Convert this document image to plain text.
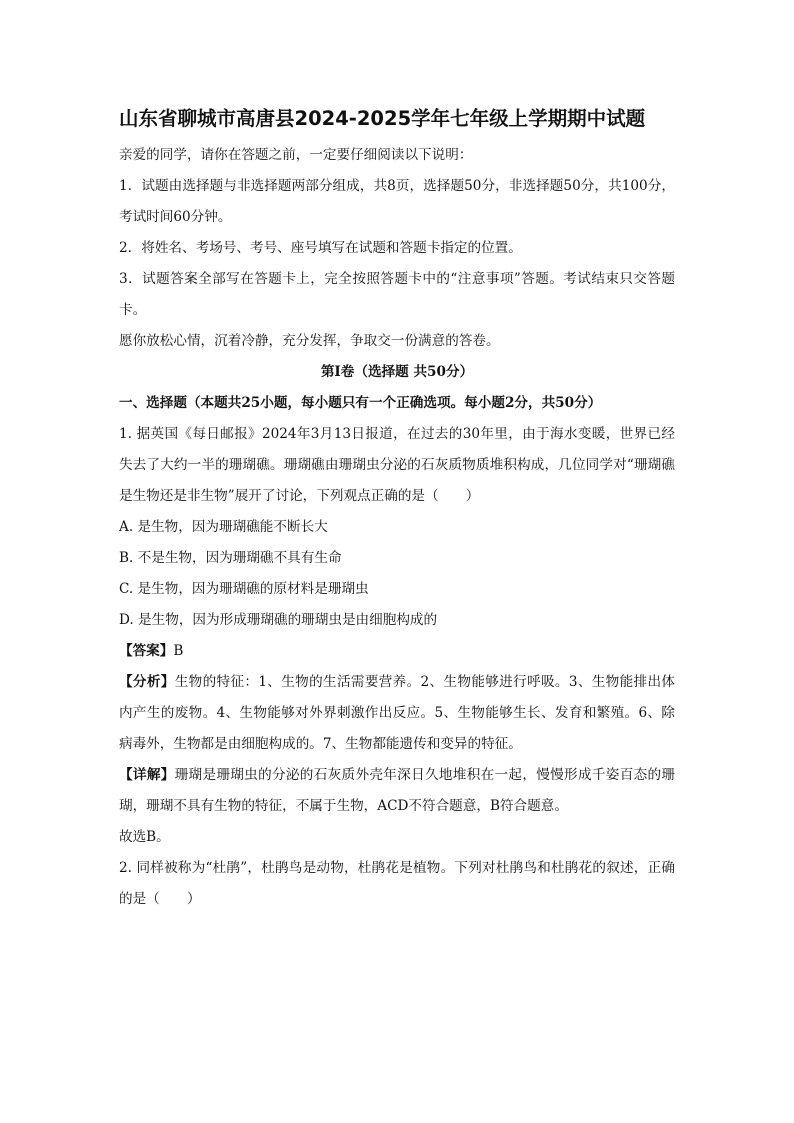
山东省聊城市高唐县2024-2025学年七年级上学期期中试题

亲爱的同学，请你在答题之前，一定要仔细阅读以下说明：

1．试题由选择题与非选择题两部分组成，共8页，选择题50分，非选择题50分，共100分，考试时间60分钟。

2．将姓名、考场号、考号、座号填写在试题和答题卡指定的位置。

3．试题答案全部写在答题卡上，完全按照答题卡中的“注意事项”答题。考试结束只交答题卡。

愿你放松心情，沉着冷静，充分发挥，争取交一份满意的答卷。

第Ⅰ卷（选择题 共50分）

一、选择题（本题共25小题，每小题只有一个正确选项。每小题2分，共50分）

1. 据英国《每日邮报》2024年3月13日报道，在过去的30年里，由于海水变暖，世界已经失去了大约一半的珊瑚礁。珊瑚礁由珊瑚虫分泌的石灰质物质堆积构成，几位同学对“珊瑚礁是生物还是非生物”展开了讨论，下列观点正确的是（　　）

A. 是生物，因为珊瑚礁能不断长大

B. 不是生物，因为珊瑚礁不具有生命

C. 是生物，因为珊瑚礁的原材料是珊瑚虫

D. 是生物，因为形成珊瑚礁的珊瑚虫是由细胞构成的

【答案】B

【分析】生物的特征：1、生物的生活需要营养。2、生物能够进行呼吸。3、生物能排出体内产生的废物。4、生物能够对外界刺激作出反应。5、生物能够生长、发育和繁殖。6、除病毒外，生物都是由细胞构成的。7、生物都能遗传和变异的特征。

【详解】珊瑚是珊瑚虫的分泌的石灰质外壳年深日久地堆积在一起，慢慢形成千姿百态的珊瑚，珊瑚不具有生物的特征，不属于生物，ACD不符合题意，B符合题意。

故选B。

2. 同样被称为“杜鹃”，杜鹃鸟是动物，杜鹃花是植物。下列对杜鹃鸟和杜鹃花的叙述，正确的是（　　）
